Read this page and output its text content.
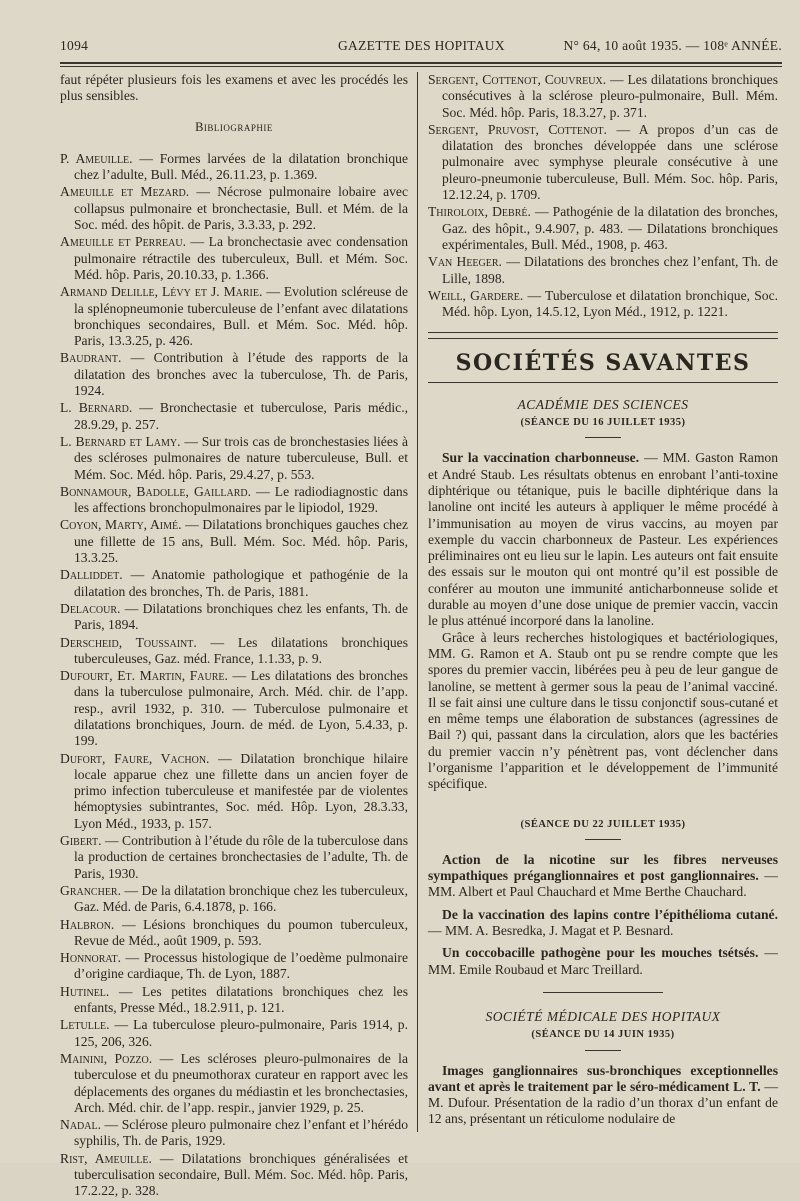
1094	GAZETTE DES HOPITAUX	N° 64, 10 août 1935. — 108ᵉ ANNÉE.

faut répéter plusieurs fois les examens et avec les procédés les plus sensibles.

Bibliographie

P. Ameuille. — Formes larvées de la dilatation bronchique chez l’adulte, Bull. Méd., 26.11.23, p. 1.369.

Ameuille et Mezard. — Nécrose pulmonaire lobaire avec collapsus pulmonaire et bronchectasie, Bull. et Mém. de la Soc. méd. des hôpit. de Paris, 3.3.33, p. 292.

Ameuille et Perreau. — La bronchectasie avec condensation pulmonaire rétractile des tuberculeux, Bull. et Mém. Soc. Méd. hôp. Paris, 20.10.33, p. 1.366.

Armand Delille, Lévy et J. Marie. — Evolution scléreuse de la splénopneumonie tuberculeuse de l’enfant avec dilatations bronchiques secondaires, Bull. et Mém. Soc. Méd. hôp. Paris, 13.3.25, p. 426.

Baudrant. — Contribution à l’étude des rapports de la dilatation des bronches avec la tuberculose, Th. de Paris, 1924.

L. Bernard. — Bronchectasie et tuberculose, Paris médic., 28.9.29, p. 257.

L. Bernard et Lamy. — Sur trois cas de bronchestasies liées à des scléroses pulmonaires de nature tuberculeuse, Bull. et Mém. Soc. Méd. hôp. Paris, 29.4.27, p. 553.

Bonnamour, Badolle, Gaillard. — Le radiodiagnostic dans les affections bronchopulmonaires par le lipiodol, 1929.

Coyon, Marty, Aimé. — Dilatations bronchiques gauches chez une fillette de 15 ans, Bull. Mém. Soc. Méd. hôp. Paris, 13.3.25.

Dalliddet. — Anatomie pathologique et pathogénie de la dilatation des bronches, Th. de Paris, 1881.

Delacour. — Dilatations bronchiques chez les enfants, Th. de Paris, 1894.

Derscheid, Toussaint. — Les dilatations bronchiques tuberculeuses, Gaz. méd. France, 1.1.33, p. 9.

Dufourt, Et. Martin, Faure. — Les dilatations des bronches dans la tuberculose pulmonaire, Arch. Méd. chir. de l’app. resp., avril 1932, p. 310. — Tuberculose pulmonaire et dilatations bronchiques, Journ. de méd. de Lyon, 5.4.33, p. 199.

Dufort, Faure, Vachon. — Dilatation bronchique hilaire locale apparue chez une fillette dans un ancien foyer de primo infection tuberculeuse et manifestée par de violentes hémoptysies subintrantes, Soc. méd. Hôp. Lyon, 28.3.33, Lyon Méd., 1933, p. 157.

Gibert. — Contribution à l’étude du rôle de la tuberculose dans la production de certaines bronchectasies de l’adulte, Th. de Paris, 1930.

Grancher. — De la dilatation bronchique chez les tuberculeux, Gaz. Méd. de Paris, 6.4.1878, p. 166.

Halbron. — Lésions bronchiques du poumon tuberculeux, Revue de Méd., août 1909, p. 593.

Honnorat. — Processus histologique de l’oedème pulmonaire d’origine cardiaque, Th. de Lyon, 1887.

Hutinel. — Les petites dilatations bronchiques chez les enfants, Presse Méd., 18.2.911, p. 121.

Letulle. — La tuberculose pleuro-pulmonaire, Paris 1914, p. 125, 206, 326.

Mainini, Pozzo. — Les scléroses pleuro-pulmonaires de la tuberculose et du pneumothorax curateur en rapport avec les déplacements des organes du médiastin et les bronchectasies, Arch. Méd. chir. de l’app. respir., janvier 1929, p. 25.

Nadal. — Sclérose pleuro pulmonaire chez l’enfant et l’hérédo syphilis, Th. de Paris, 1929.

Rist, Ameuille. — Dilatations bronchiques généralisées et tuberculisation secondaire, Bull. Mém. Soc. Méd. hôp. Paris, 17.2.22, p. 328.

Sergent, Cottenot, Couvreux. — Les dilatations bronchiques consécutives à la sclérose pleuro-pulmonaire, Bull. Mém. Soc. Méd. hôp. Paris, 18.3.27, p. 371.

Sergent, Pruvost, Cottenot. — A propos d’un cas de dilatation des bronches développée dans une sclérose pulmonaire avec symphyse pleurale consécutive à une pleuro-pneumonie tuberculeuse, Bull. Mém. Soc. hôp. Paris, 12.12.24, p. 1709.

Thiroloix, Debré. — Pathogénie de la dilatation des bronches, Gaz. des hôpit., 9.4.907, p. 483. — Dilatations bronchiques expérimentales, Bull. Méd., 1908, p. 463.

Van Heeger. — Dilatations des bronches chez l’enfant, Th. de Lille, 1898.

Weill, Gardere. — Tuberculose et dilatation bronchique, Soc. Méd. hôp. Lyon, 14.5.12, Lyon Méd., 1912, p. 1221.

SOCIÉTÉS SAVANTES
ACADÉMIE DES SCIENCES
(SÉANCE DU 16 JUILLET 1935)

Sur la vaccination charbonneuse. — MM. Gaston Ramon et André Staub. Les résultats obtenus en enrobant l’anti-toxine diphtérique ou tétanique, puis le bacille diphtérique dans la lanoline ont incité les auteurs à appliquer le même procédé à l’immunisation au moyen de virus vaccins, au moyen par exemple du vaccin charbonneux de Pasteur. Les expériences préliminaires ont eu lieu sur le lapin. Les auteurs ont fait ensuite des essais sur le mouton qui ont montré qu’il est possible de conférer au mouton une immunité anticharbonneuse solide et durable au moyen d’une dose unique de premier vaccin, vaccin le plus atténué incorporé dans la lanoline.

Grâce à leurs recherches histologiques et bactériologiques, MM. G. Ramon et A. Staub ont pu se rendre compte que les spores du premier vaccin, libérées peu à peu de leur gangue de lanoline, se mettent à germer sous la peau de l’animal vacciné. Il se fait ainsi une culture dans le tissu conjonctif sous-cutané et en même temps une élaboration de substances (agressines de Bail ?) qui, passant dans la circulation, alors que les bactéries du premier vaccin n’y pénètrent pas, vont déclencher dans l’organisme l’apparition et le développement de l’immunité spécifique.

(SÉANCE DU 22 JUILLET 1935)

Action de la nicotine sur les fibres nerveuses sympathiques préganglionnaires et post ganglionnaires. — MM. Albert et Paul Chauchard et Mme Berthe Chauchard.

De la vaccination des lapins contre l’épithélioma cutané. — MM. A. Besredka, J. Magat et P. Besnard.

Un coccobacille pathogène pour les mouches tsétsés. — MM. Emile Roubaud et Marc Treillard.

SOCIÉTÉ MÉDICALE DES HOPITAUX
(SÉANCE DU 14 JUIN 1935)

Images ganglionnaires sus-bronchiques exceptionnelles avant et après le traitement par le séro-médicament L. T. — M. Dufour. Présentation de la radio d’un thorax d’un enfant de 12 ans, présentant un réticulome nodulaire de
